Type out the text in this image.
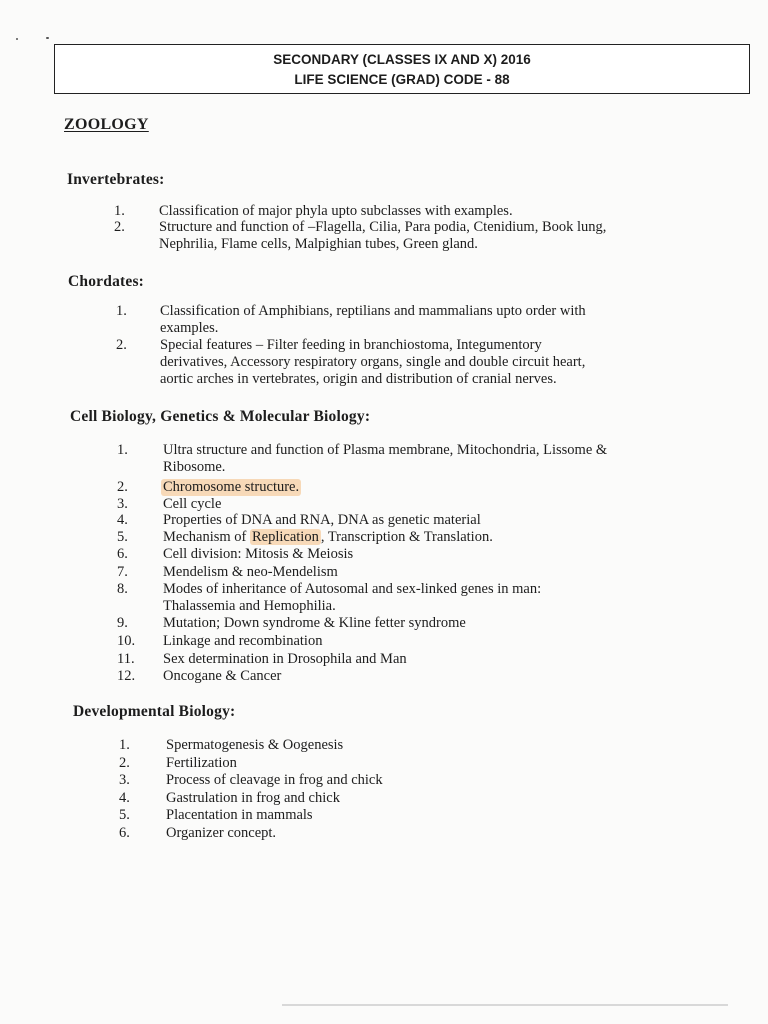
SECONDARY (CLASSES IX AND X) 2016
LIFE SCIENCE (GRAD) CODE - 88
ZOOLOGY
Invertebrates:
1.	Classification of major phyla upto subclasses with examples.
2.	Structure and function of –Flagella, Cilia, Para podia, Ctenidium, Book lung,
Nephrilia, Flame cells, Malpighian tubes, Green gland.
Chordates:
1.	Classification of Amphibians, reptilians and mammalians upto order with
examples.
2.	Special features – Filter feeding in branchiostoma, Integumentory
derivatives, Accessory respiratory organs, single and double circuit heart,
aortic arches in vertebrates, origin and distribution of cranial nerves.
Cell Biology, Genetics & Molecular Biology:
1.	Ultra structure and function of Plasma membrane, Mitochondria, Lissome &
Ribosome.
2.	Chromosome structure.
3.	Cell cycle
4.	Properties of DNA and RNA, DNA as genetic material
5.	Mechanism of Replication , Transcription & Translation.
6.	Cell division: Mitosis & Meiosis
7.	Mendelism & neo-Mendelism
8.	Modes of inheritance of Autosomal and sex-linked genes in man:
Thalassemia and Hemophilia.
9.	Mutation; Down syndrome & Kline fetter syndrome
10.	Linkage and recombination
11.	Sex determination in Drosophila and Man
12.	Oncogane & Cancer
Developmental Biology:
1.	Spermatogenesis & Oogenesis
2.	Fertilization
3.	Process of cleavage in frog and chick
4.	Gastrulation in frog and chick
5.	Placentation in mammals
6.	Organizer concept.
